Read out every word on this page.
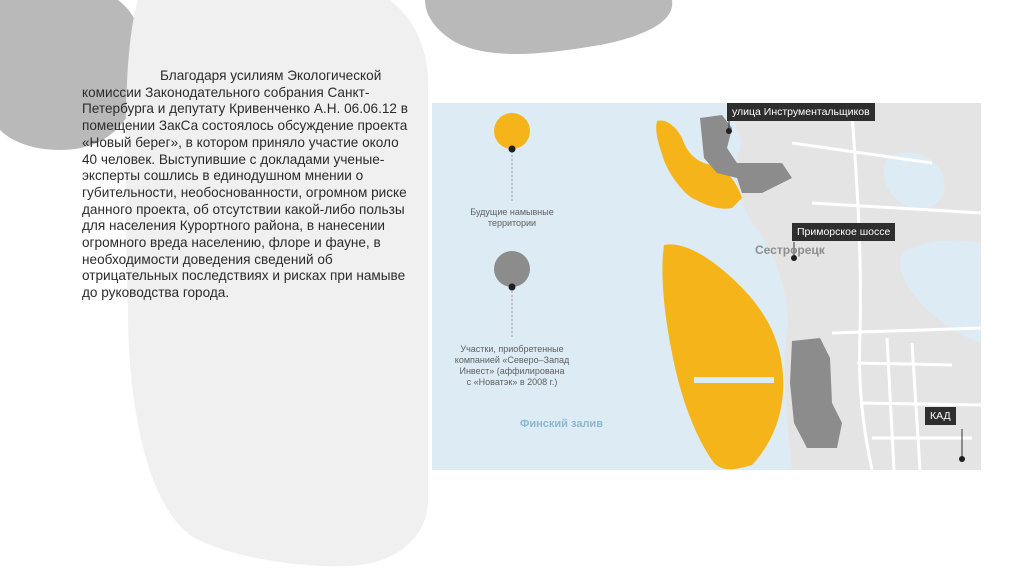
Благодаря усилиям Экологической комиссии Законодательного собрания Санкт-Петербурга и депутату Кривенченко А.Н. 06.06.12 в помещении ЗакСа состоялось обсуждение проекта «Новый берег», в котором приняло участие около 40 человек. Выступившие с докладами ученые-эксперты сошлись в единодушном мнении о губительности, необоснованности, огромном риске данного проекта, об отсутствии какой-либо пользы для населения Курортного района, в нанесении огромного вреда населению, флоре и фауне, в необходимости доведения сведений об отрицательных последствиях и рисках при намыве до руководства города.

Будущие намывные
территории
Участки, приобретенные
компанией «Северо–Запад
Инвест» (аффилирована
с «Новатэк» в 2008 г.)
улица Инструментальщиков
Приморское шоссе
КАД
Сестрорецк
Финский залив
